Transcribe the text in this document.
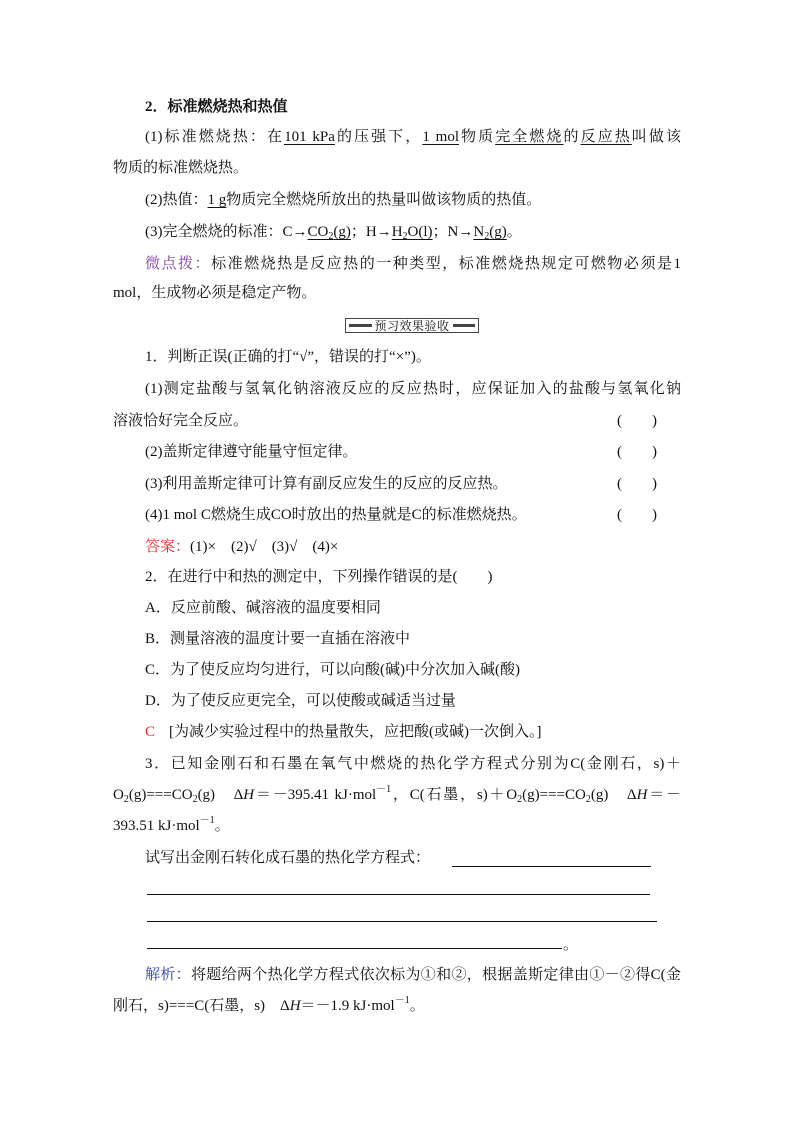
2．标准燃烧热和热值
(1)标准燃烧热：在101 kPa的压强下，1 mol物质完全燃烧的反应热叫做该
物质的标准燃烧热。
(2)热值：1 g物质完全燃烧所放出的热量叫做该物质的热值。
(3)完全燃烧的标准：$C\to CO_2(g)$；$H\to H_2O(l)$；$N\to N_2(g)$。
微点拨：标准燃烧热是反应热的一种类型，标准燃烧热规定可燃物必须是1
mol，生成物必须是稳定产物。
预习效果验收
1．判断正误(正确的打“√”，错误的打“×”)。
(1)测定盐酸与氢氧化钠溶液反应的反应热时，应保证加入的盐酸与氢氧化钠
溶液恰好完全反应。	(　　)
(2)盖斯定律遵守能量守恒定律。	(　　)
(3)利用盖斯定律可计算有副反应发生的反应的反应热。	(　　)
(4)1 mol C燃烧生成CO时放出的热量就是C的标准燃烧热。	(　　)
答案：(1)×　(2)√　(3)√　(4)×
2．在进行中和热的测定中，下列操作错误的是(　　)
A．反应前酸、碱溶液的温度要相同
B．测量溶液的温度计要一直插在溶液中
C．为了使反应均匀进行，可以向酸(碱)中分次加入碱(酸)
D．为了使反应更完全，可以使酸或碱适当过量
C [为减少实验过程中的热量散失，应把酸(或碱)一次倒入。]
3．已知金刚石和石墨在氧气中燃烧的热化学方程式分别为C(金刚石，s)＋
$O_2(g)===CO_2(g)$　ΔH＝－395.41 kJ·mol$^{-1}$，C(石墨，$s)+O_2(g)===CO_2(g)$　ΔH＝－
393.51 kJ·mol$^{-1}$。
试写出金刚石转化成石墨的热化学方程式：
。
解析：将题给两个热化学方程式依次标为①和②，根据盖斯定律由①－②得C(金
刚石，s)===C(石墨，s)　ΔH＝－1.9 kJ·mol$^{-1}$。
